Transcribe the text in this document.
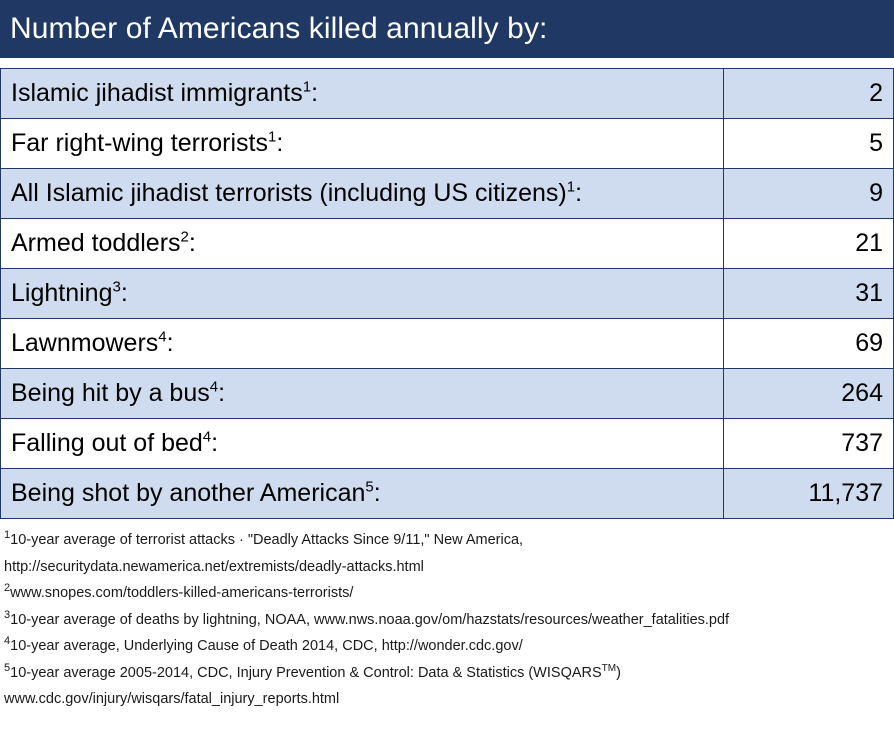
Number of Americans killed annually by:
Islamic jihadist immigrants$^1$:	2
Far right-wing terrorists$^1$:	5
All Islamic jihadist terrorists (including US citizens)$^1$:	9
Armed toddlers$^2$:	21
Lightning$^3$:	31
Lawnmowers$^4$:	69
Being hit by a bus$^4$:	264
Falling out of bed$^4$:	737
Being shot by another American$^5$:	11,737
$^1$10-year average of terrorist attacks · "Deadly Attacks Since 9/11," New America,
http://securitydata.newamerica.net/extremists/deadly-attacks.html
$^2$www.snopes.com/toddlers-killed-americans-terrorists/
$^3$10-year average of deaths by lightning, NOAA, www.nws.noaa.gov/om/hazstats/resources/weather_fatalities.pdf
$^4$10-year average, Underlying Cause of Death 2014, CDC, http://wonder.cdc.gov/
$^5$10-year average 2005-2014, CDC, Injury Prevention & Control: Data & Statistics (WISQARS™)
www.cdc.gov/injury/wisqars/fatal_injury_reports.html
